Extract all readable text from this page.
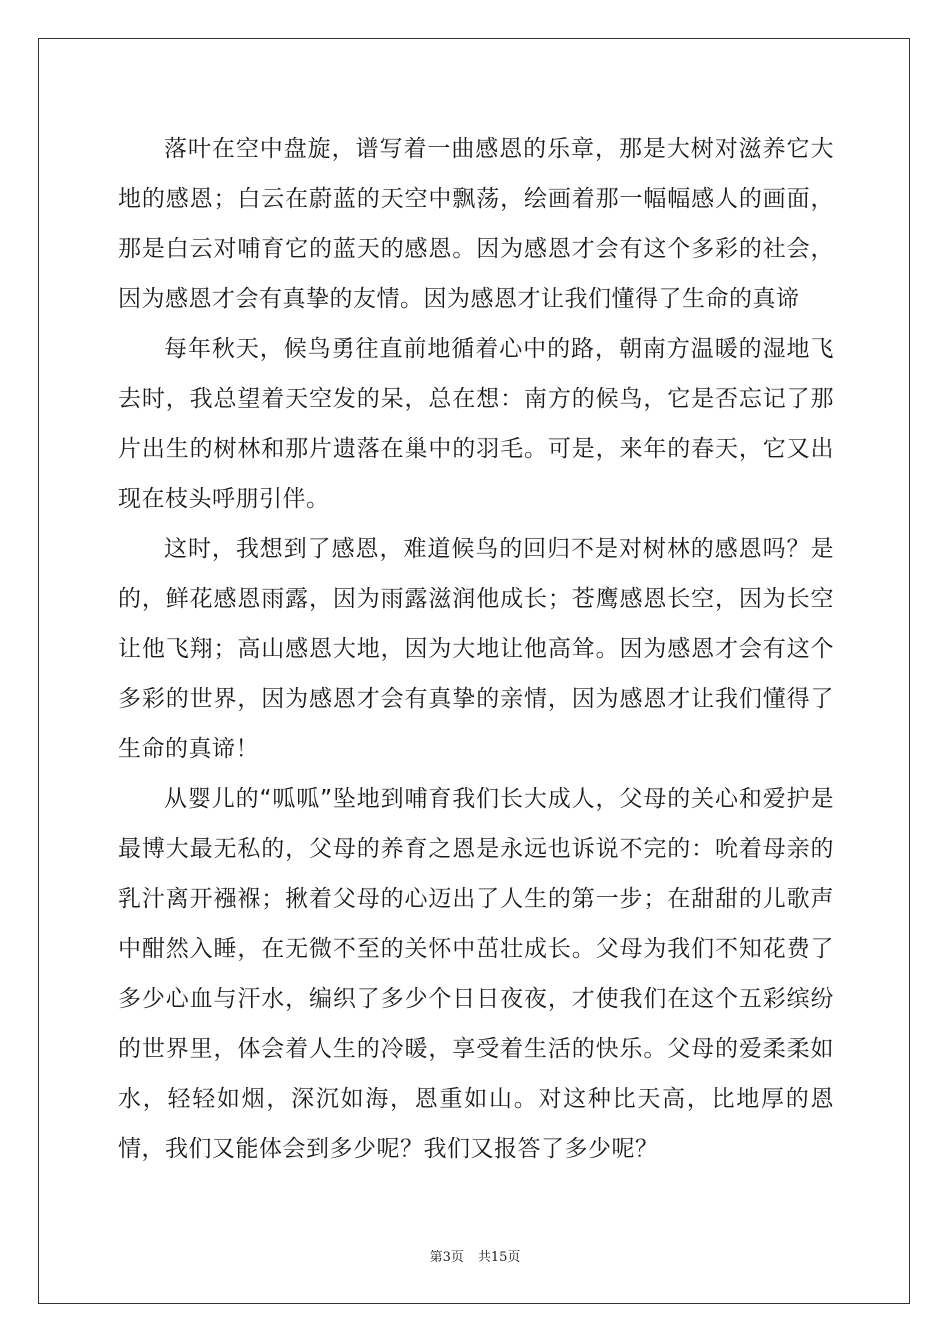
落叶在空中盘旋，谱写着一曲感恩的乐章，那是大树对滋养它大地的感恩；白云在蔚蓝的天空中飘荡，绘画着那一幅幅感人的画面，那是白云对哺育它的蓝天的感恩。因为感恩才会有这个多彩的社会，因为感恩才会有真挚的友情。因为感恩才让我们懂得了生命的真谛

每年秋天，候鸟勇往直前地循着心中的路，朝南方温暖的湿地飞去时，我总望着天空发的呆，总在想：南方的候鸟，它是否忘记了那片出生的树林和那片遗落在巢中的羽毛。可是，来年的春天，它又出现在枝头呼朋引伴。

这时，我想到了感恩，难道候鸟的回归不是对树林的感恩吗？是的，鲜花感恩雨露，因为雨露滋润他成长；苍鹰感恩长空，因为长空让他飞翔；高山感恩大地，因为大地让他高耸。因为感恩才会有这个多彩的世界，因为感恩才会有真挚的亲情，因为感恩才让我们懂得了生命的真谛！

从婴儿的“呱呱”坠地到哺育我们长大成人，父母的关心和爱护是最博大最无私的，父母的养育之恩是永远也诉说不完的：吮着母亲的乳汁离开襁褓；揪着父母的心迈出了人生的第一步；在甜甜的儿歌声中酣然入睡，在无微不至的关怀中茁壮成长。父母为我们不知花费了多少心血与汗水，编织了多少个日日夜夜，才使我们在这个五彩缤纷的世界里，体会着人生的冷暖，享受着生活的快乐。父母的爱柔柔如水，轻轻如烟，深沉如海，恩重如山。对这种比天高，比地厚的恩情，我们又能体会到多少呢？我们又报答了多少呢？

第3页 共15页
